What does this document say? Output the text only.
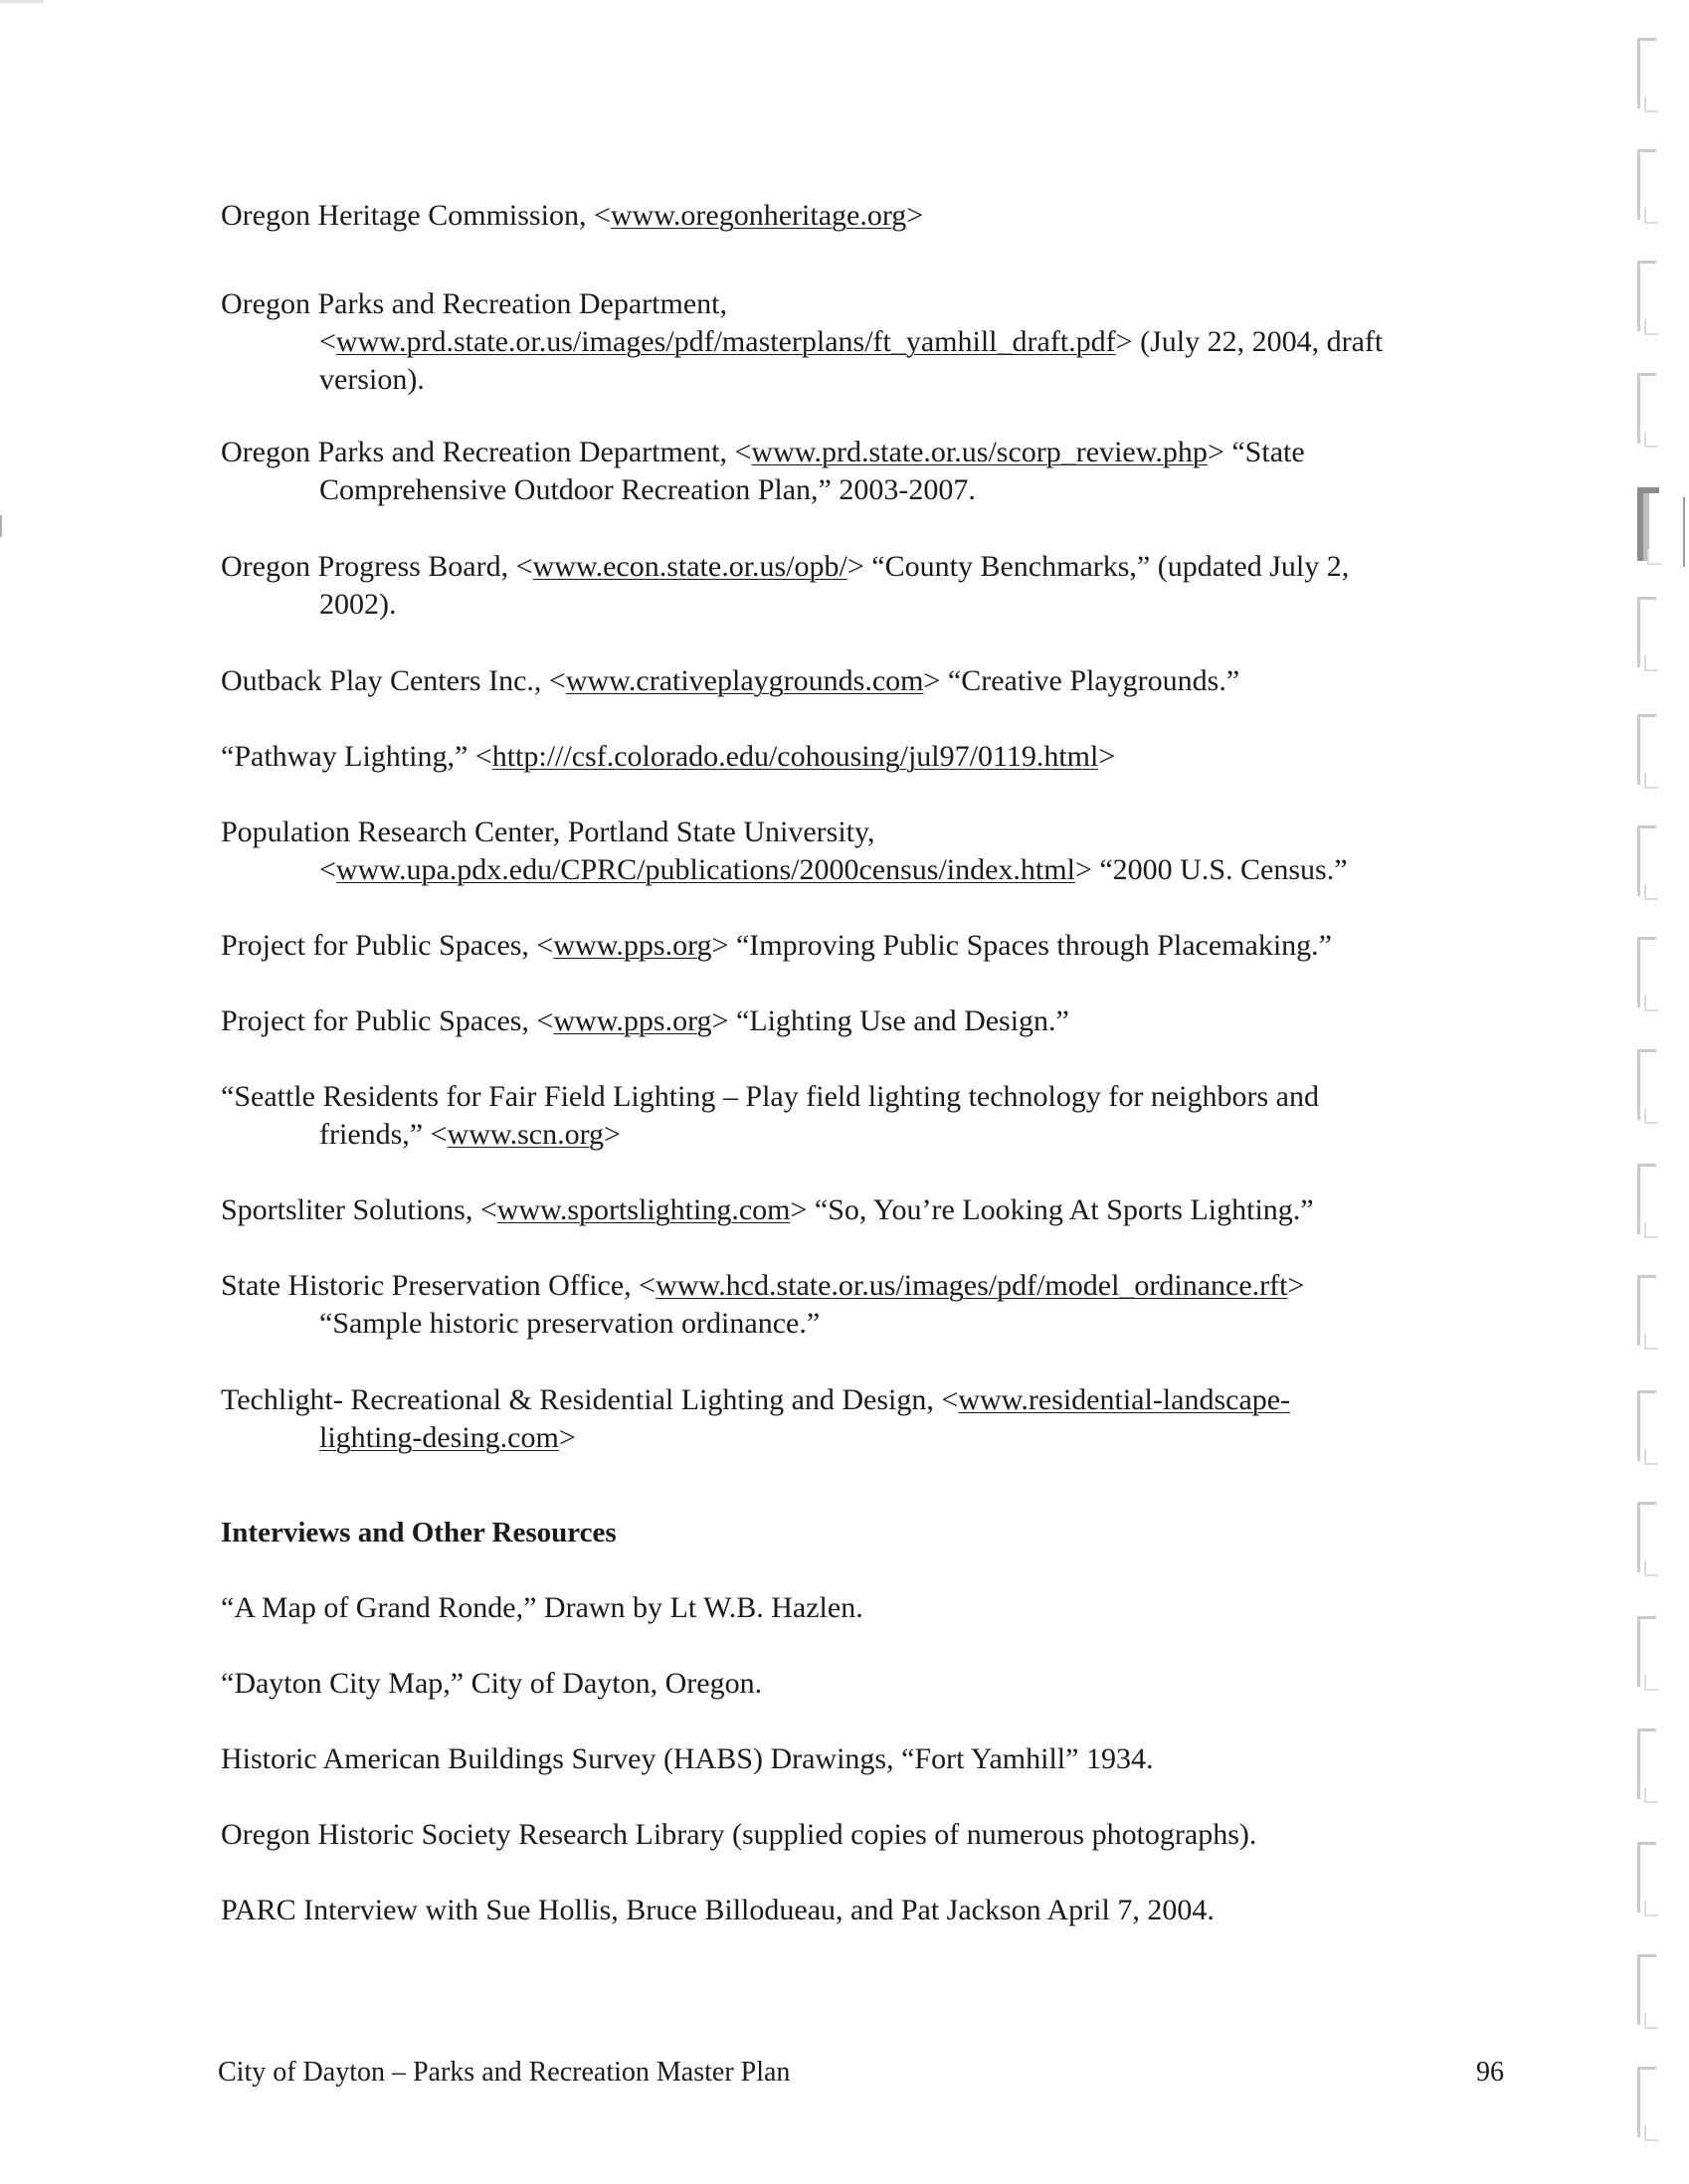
Oregon Heritage Commission, <www.oregonheritage.org>
Oregon Parks and Recreation Department,
<www.prd.state.or.us/images/pdf/masterplans/ft_yamhill_draft.pdf> (July 22, 2004, draft
version).
Oregon Parks and Recreation Department, <www.prd.state.or.us/scorp_review.php> “State
Comprehensive Outdoor Recreation Plan,” 2003-2007.
Oregon Progress Board, <www.econ.state.or.us/opb/> “County Benchmarks,” (updated July 2,
2002).
Outback Play Centers Inc., <www.crativeplaygrounds.com> “Creative Playgrounds.”
“Pathway Lighting,” <http:///csf.colorado.edu/cohousing/jul97/0119.html>
Population Research Center, Portland State University,
<www.upa.pdx.edu/CPRC/publications/2000census/index.html> “2000 U.S. Census.”
Project for Public Spaces, <www.pps.org> “Improving Public Spaces through Placemaking.”
Project for Public Spaces, <www.pps.org> “Lighting Use and Design.”
“Seattle Residents for Fair Field Lighting – Play field lighting technology for neighbors and
friends,” <www.scn.org>
Sportsliter Solutions, <www.sportslighting.com> “So, You’re Looking At Sports Lighting.”
State Historic Preservation Office, <www.hcd.state.or.us/images/pdf/model_ordinance.rft>
“Sample historic preservation ordinance.”
Techlight- Recreational & Residential Lighting and Design, <www.residential-landscape-
lighting-desing.com>
Interviews and Other Resources
“A Map of Grand Ronde,” Drawn by Lt W.B. Hazlen.
“Dayton City Map,” City of Dayton, Oregon.
Historic American Buildings Survey (HABS) Drawings, “Fort Yamhill” 1934.
Oregon Historic Society Research Library (supplied copies of numerous photographs).
PARC Interview with Sue Hollis, Bruce Billodueau, and Pat Jackson April 7, 2004.
City of Dayton – Parks and Recreation Master Plan	96
